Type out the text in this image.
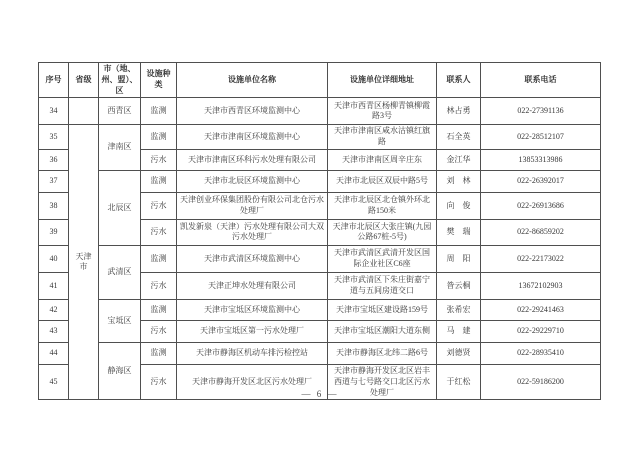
序号	省级	市（地、州、盟）、区	设施种类	设施单位名称	设施单位详细地址	联系人	联系电话
34		西青区	监测	天津市西青区环境监测中心	天津市西青区杨柳青镇柳霞路3号	林占勇	022-27391136
35	天津市	津南区	监测	天津市津南区环境监测中心	天津市津南区咸水沽镇红旗路	石全英	022-28512107
36			污水	天津市津南区环科污水处理有限公司	天津市津南区周辛庄东	金江华	13853313986
37		北辰区	监测	天津市北辰区环境监测中心	天津市北辰区双辰中路5号	刘　林	022-26392017
38			污水	天津创业环保集团股份有限公司北仓污水处理厂	天津市北辰区北仓镇外环北路150米	向　俊	022-26913686
39			污水	凯发新泉（天津）污水处理有限公司大双污水处理厂	天津市北辰区大张庄镇(九园公路67桩-5号)	樊　瑞	022-86859202
40		武清区	监测	天津市武清区环境监测中心	天津市武清区武清开发区国际企业社区C6座	周　阳	022-22173022
41			污水	天津正坤水处理有限公司	天津市武清区下朱庄街嘉宁道与五间房道交口	昝云桐	13672102903
42		宝坻区	监测	天津市宝坻区环境监测中心	天津市宝坻区建设路159号	张希宏	022-29241463
43			污水	天津市宝坻区第一污水处理厂	天津市宝坻区潮阳大道东侧	马　建	022-29229710
44		静海区	监测	天津市静海区机动车排污检控站	天津市静海区北纬二路6号	刘德贤	022-28935410
45			污水	天津市静海开发区北区污水处理厂	天津市静海开发区北区岩丰西道与七号路交口北区污水处理厂	于红松	022-59186200
— 6 —
